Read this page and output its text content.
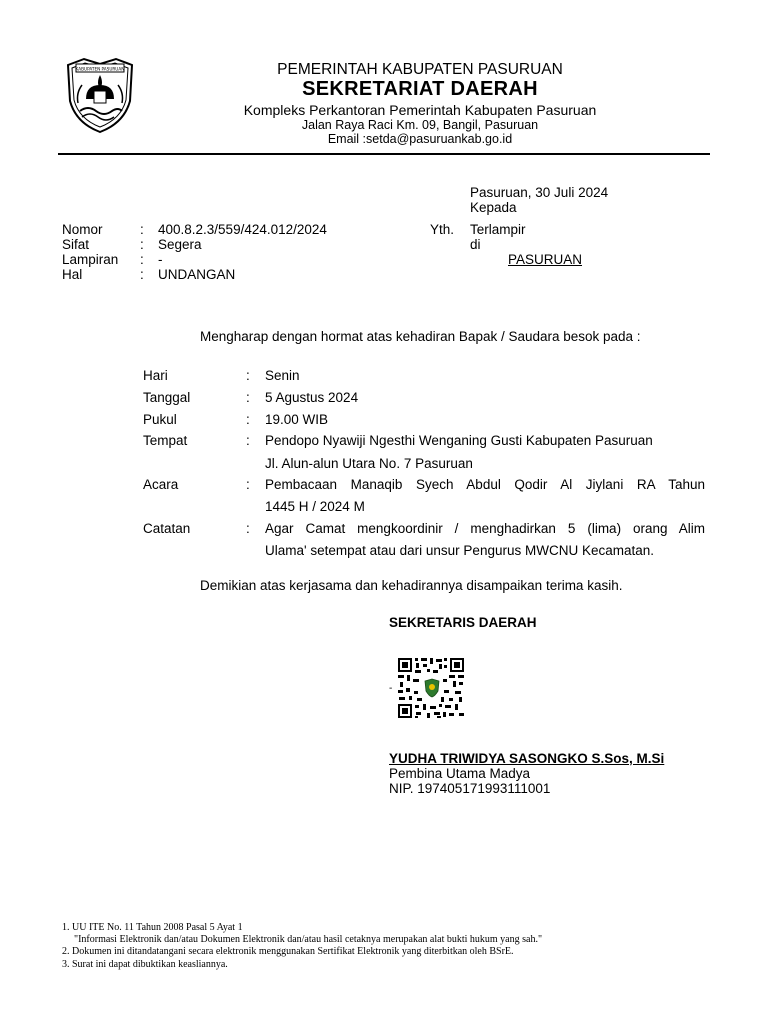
KABUPATEN PASURUAN	PEMERINTAH KABUPATEN PASURUAN
SEKRETARIAT DAERAH
Kompleks Perkantoran Pemerintah Kabupaten Pasuruan
Jalan Raya Raci Km. 09, Bangil, Pasuruan
Email :setda@pasuruankab.go.id
Pasuruan, 30 Juli 2024
Kepada
Nomor	: 400.8.2.3/559/424.012/2024
Sifat	: Segera
Lampiran : -
Hal	: UNDANGAN
Yth. Terlampir
di
PASURUAN
Mengharap dengan hormat atas kehadiran Bapak / Saudara besok pada :
Hari	: Senin
Tanggal	: 5 Agustus 2024
Pukul	: 19.00 WIB
Tempat	: Pendopo Nyawiji Ngesthi Wenganing Gusti Kabupaten Pasuruan
Jl. Alun-alun Utara No. 7 Pasuruan
Acara	: Pembacaan Manaqib Syech Abdul Qodir Al Jiylani RA Tahun
1445 H / 2024 M
Catatan	: Agar Camat mengkoordinir / menghadirkan 5 (lima) orang Alim
Ulama' setempat atau dari unsur Pengurus MWCNU Kecamatan.
Demikian atas kerjasama dan kehadirannya disampaikan terima kasih.
SEKRETARIS DAERAH
-
YUDHA TRIWIDYA SASONGKO S.Sos, M.Si
Pembina Utama Madya
NIP. 197405171993111001
1. UU ITE No. 11 Tahun 2008 Pasal 5 Ayat 1
"Informasi Elektronik dan/atau Dokumen Elektronik dan/atau hasil cetaknya merupakan alat bukti hukum yang sah."
2. Dokumen ini ditandatangani secara elektronik menggunakan Sertifikat Elektronik yang diterbitkan oleh BSrE.
3. Surat ini dapat dibuktikan keasliannya.
